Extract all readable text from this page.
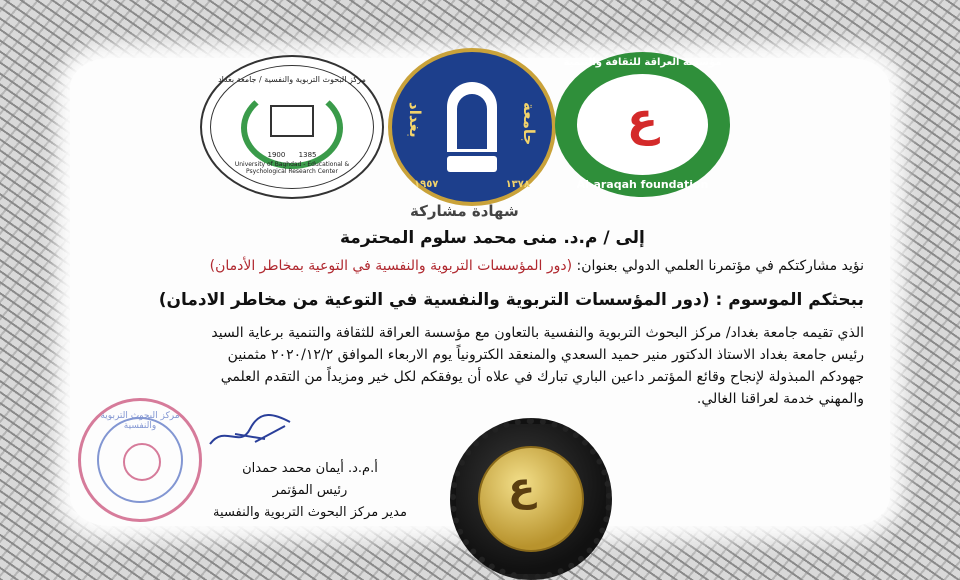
مركز البحوث التربوية والنفسية / جامعة بغداد
1900 1385
University of Baghdad - Educational & Psychological Research Center
بغداد	جامعة
١٩٥٧	١٣٧٨
مؤسسة العراقة للثقافة والتنمية
ع
Al-araqah foundation
شهادة مشاركة
إلى / م.د. منى محمد سلوم المحترمة
نؤيد مشاركتكم في مؤتمرنا العلمي الدولي بعنوان: (دور المؤسسات التربوية والنفسية في التوعية بمخاطر الأدمان)
ببحثكم الموسوم : (دور المؤسسات التربوية والنفسية في التوعية من مخاطر الادمان)
الذي تقيمه جامعة بغداد/ مركز البحوث التربوية والنفسية بالتعاون مع مؤسسة العراقة للثقافة والتنمية برعاية السيد
رئيس جامعة بغداد الاستاذ الدكتور منير حميد السعدي والمنعقد الكترونياً يوم الاربعاء الموافق ٢٠٢٠/١٢/٢ مثمنين
جهودكم المبذولة لإنجاح وقائع المؤتمر داعين الباري تبارك في علاه أن يوفقكم لكل خير ومزيداً من التقدم العلمي
والمهني خدمة لعراقنا الغالي.
مركز البحوث التربوية والنفسية
أ.م.د. أيمان محمد حمدان
رئيس المؤتمر
مدير مركز البحوث التربوية والنفسية
ع
